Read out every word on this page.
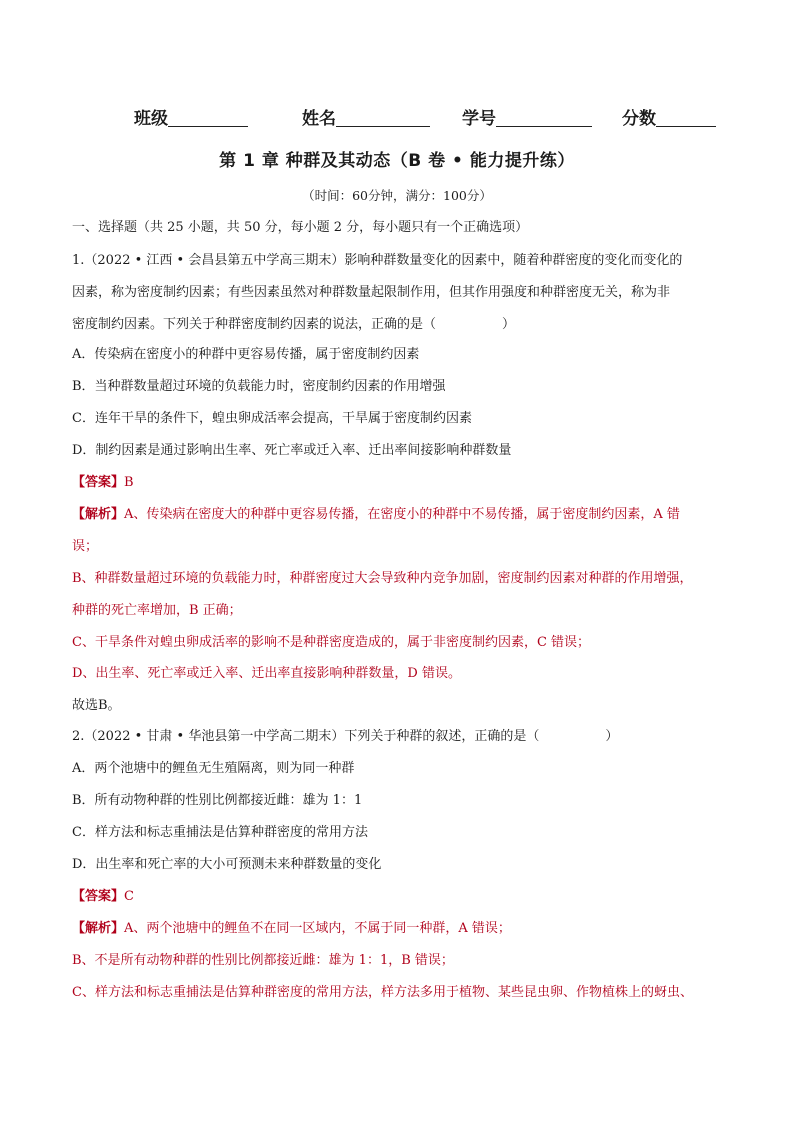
班级	姓名	学号	分数
第 1 章 种群及其动态（B 卷 • 能力提升练）
（时间：60分钟，满分：100分）
一、选择题（共 25 小题，共 50 分，每小题 2 分，每小题只有一个正确选项）
1.（2022 • 江西 • 会昌县第五中学高三期末）影响种群数量变化的因素中，随着种群密度的变化而变化的
因素，称为密度制约因素；有些因素虽然对种群数量起限制作用，但其作用强度和种群密度无关，称为非
密度制约因素。下列关于种群密度制约因素的说法，正确的是（	）
A．传染病在密度小的种群中更容易传播，属于密度制约因素
B．当种群数量超过环境的负载能力时，密度制约因素的作用增强
C．连年干旱的条件下，蝗虫卵成活率会提高，干旱属于密度制约因素
D．制约因素是通过影响出生率、死亡率或迁入率、迁出率间接影响种群数量
【答案】B
【解析】A、传染病在密度大的种群中更容易传播，在密度小的种群中不易传播，属于密度制约因素，A 错
误；
B、种群数量超过环境的负载能力时，种群密度过大会导致种内竞争加剧，密度制约因素对种群的作用增强，
种群的死亡率增加，B 正确；
C、干旱条件对蝗虫卵成活率的影响不是种群密度造成的，属于非密度制约因素，C 错误；
D、出生率、死亡率或迁入率、迁出率直接影响种群数量，D 错误。
故选B。
2.（2022 • 甘肃 • 华池县第一中学高二期末）下列关于种群的叙述，正确的是（	）
A．两个池塘中的鲤鱼无生殖隔离，则为同一种群
B．所有动物种群的性别比例都接近雌：雄为 1：1
C．样方法和标志重捕法是估算种群密度的常用方法
D．出生率和死亡率的大小可预测未来种群数量的变化
【答案】C
【解析】A、两个池塘中的鲤鱼不在同一区域内，不属于同一种群，A 错误；
B、不是所有动物种群的性别比例都接近雌：雄为 1：1，B 错误；
C、样方法和标志重捕法是估算种群密度的常用方法，样方法多用于植物、某些昆虫卵、作物植株上的蚜虫、
